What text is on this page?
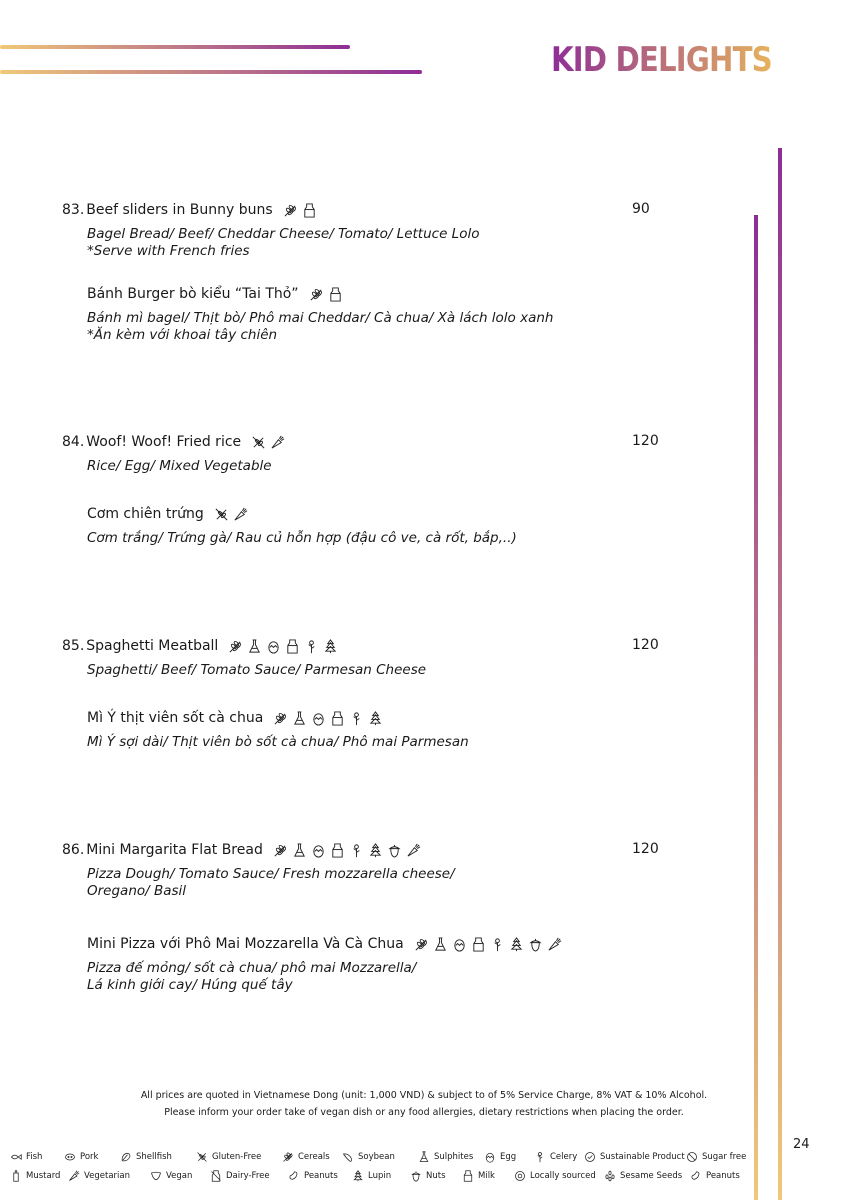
KID DELIGHTS
83. Beef sliders in Bunny buns
Bagel Bread/ Beef/ Cheddar Cheese/ Tomato/ Lettuce Lolo
*Serve with French fries
Bánh Burger bò kiểu “Tai Thỏ”
Bánh mì bagel/ Thịt bò/ Phô mai Cheddar/ Cà chua/ Xà lách lolo xanh
*Ăn kèm với khoai tây chiên
90
84. Woof! Woof! Fried rice
Rice/ Egg/ Mixed Vegetable
Cơm chiên trứng
Cơm trắng/ Trứng gà/ Rau củ hỗn hợp (đậu cô ve, cà rốt, bắp,..)
120
85. Spaghetti Meatball
Spaghetti/ Beef/ Tomato Sauce/ Parmesan Cheese
Mì Ý thịt viên sốt cà chua
Mì Ý sợi dài/ Thịt viên bò sốt cà chua/ Phô mai Parmesan
120
86. Mini Margarita Flat Bread
Pizza Dough/ Tomato Sauce/ Fresh mozzarella cheese/
Oregano/ Basil
Mini Pizza với Phô Mai Mozzarella Và Cà Chua
Pizza đế mỏng/ sốt cà chua/ phô mai Mozzarella/
Lá kinh giới cay/ Húng quế tây
120
All prices are quoted in Vietnamese Dong (unit: 1,000 VND) & subject to of 5% Service Charge, 8% VAT & 10% Alcohol.
Please inform your order take of vegan dish or any food allergies, dietary restrictions when placing the order.
24
Fish	Pork	Shellfish	Gluten-Free	Cereals	Soybean	Sulphites	Egg	Celery	Sustainable Product Sugar free
Mustard	Vegetarian	Vegan	Dairy-Free	Peanuts	Lupin	Nuts	Milk	Locally sourced	Sesame Seeds	Peanuts
